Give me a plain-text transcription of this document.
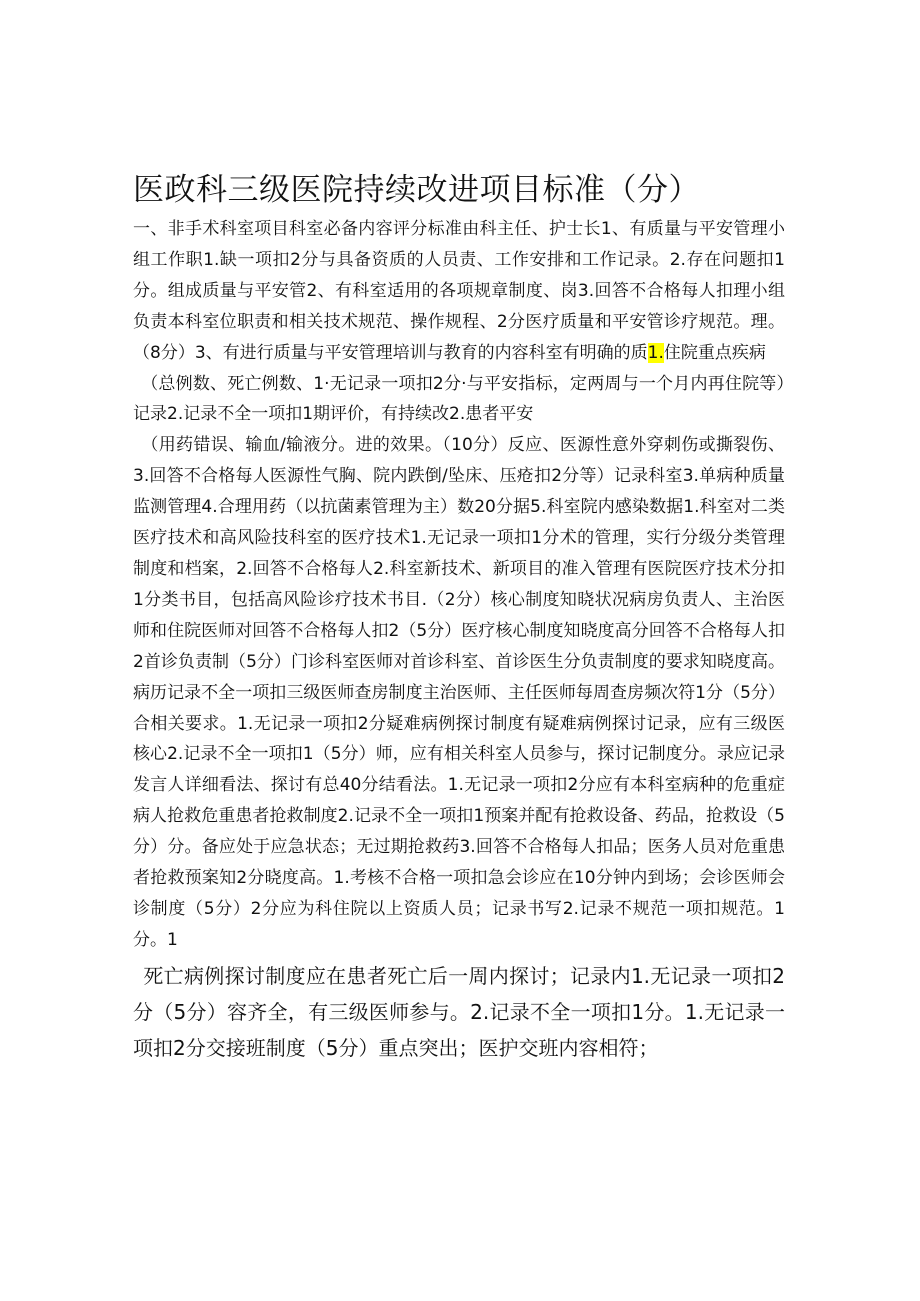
医政科三级医院持续改进项目标准（分）

一、非手术科室项目科室必备内容评分标准由科主任、护士长1、有质量与平安管理小组工作职1.缺一项扣2分与具备资质的人员责、工作安排和工作记录。2.存在问题扣1分。组成质量与平安管2、有科室适用的各项规章制度、岗3.回答不合格每人扣理小组负责本科室位职责和相关技术规范、操作规程、2分医疗质量和平安管诊疗规范。理。（8分）3、有进行质量与平安管理培训与教育的内容科室有明确的质1.住院重点疾病
（总例数、死亡例数、1·无记录一项扣2分·与平安指标，定两周与一个月内再住院等）记录2.记录不全一项扣1期评价，有持续改2.患者平安
（用药错误、输血/输液分。进的效果。（10分）反应、医源性意外穿刺伤或撕裂伤、3.回答不合格每人医源性气胸、院内跌倒/坠床、压疮扣2分等）记录科室3.单病种质量监测管理4.合理用药（以抗菌素管理为主）数20分据5.科室院内感染数据1.科室对二类医疗技术和高风险技科室的医疗技术1.无记录一项扣1分术的管理，实行分级分类管理制度和档案，2.回答不合格每人2.科室新技术、新项目的准入管理有医院医疗技术分扣1分类书目，包括高风险诊疗技术书目.（2分）核心制度知晓状况病房负责人、主治医师和住院医师对回答不合格每人扣2（5分）医疗核心制度知晓度高分回答不合格每人扣2首诊负责制（5分）门诊科室医师对首诊科室、首诊医生分负责制度的要求知晓度高。病历记录不全一项扣三级医师查房制度主治医师、主任医师每周查房频次符1分（5分）合相关要求。1.无记录一项扣2分疑难病例探讨制度有疑难病例探讨记录，应有三级医核心2.记录不全一项扣1（5分）师，应有相关科室人员参与，探讨记制度分。录应记录发言人详细看法、探讨有总40分结看法。1.无记录一项扣2分应有本科室病种的危重症病人抢救危重患者抢救制度2.记录不全一项扣1预案并配有抢救设备、药品，抢救设（5分）分。备应处于应急状态；无过期抢救药3.回答不合格每人扣品；医务人员对危重患者抢救预案知2分晓度高。1.考核不合格一项扣急会诊应在10分钟内到场；会诊医师会诊制度（5分）2分应为科住院以上资质人员；记录书写2.记录不规范一项扣规范。1分。1

死亡病例探讨制度应在患者死亡后一周内探讨；记录内1.无记录一项扣2分（5分）容齐全，有三级医师参与。2.记录不全一项扣1分。1.无记录一项扣2分交接班制度（5分）重点突出；医护交班内容相符；
